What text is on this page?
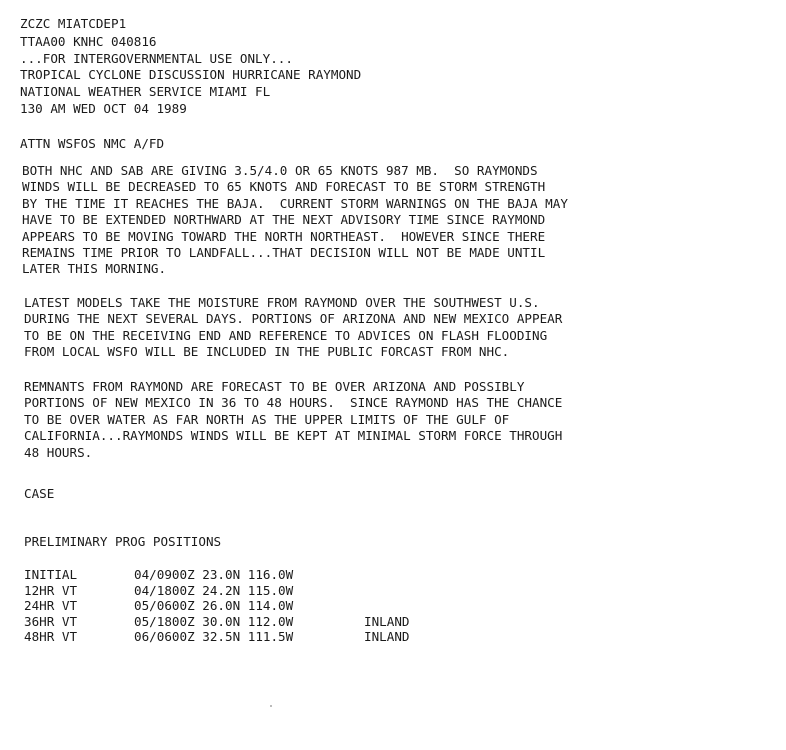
ZCZC MIATCDEP1
TTAA00 KNHC 040816
...FOR INTERGOVERNMENTAL USE ONLY...
TROPICAL CYCLONE DISCUSSION HURRICANE RAYMOND
NATIONAL WEATHER SERVICE MIAMI FL
130 AM WED OCT 04 1989
ATTN WSFOS NMC A/FD
BOTH NHC AND SAB ARE GIVING 3.5/4.0 OR 65 KNOTS 987 MB.  SO RAYMONDS
WINDS WILL BE DECREASED TO 65 KNOTS AND FORECAST TO BE STORM STRENGTH
BY THE TIME IT REACHES THE BAJA.  CURRENT STORM WARNINGS ON THE BAJA MAY
HAVE TO BE EXTENDED NORTHWARD AT THE NEXT ADVISORY TIME SINCE RAYMOND
APPEARS TO BE MOVING TOWARD THE NORTH NORTHEAST.  HOWEVER SINCE THERE
REMAINS TIME PRIOR TO LANDFALL...THAT DECISION WILL NOT BE MADE UNTIL
LATER THIS MORNING.
LATEST MODELS TAKE THE MOISTURE FROM RAYMOND OVER THE SOUTHWEST U.S.
DURING THE NEXT SEVERAL DAYS. PORTIONS OF ARIZONA AND NEW MEXICO APPEAR
TO BE ON THE RECEIVING END AND REFERENCE TO ADVICES ON FLASH FLOODING
FROM LOCAL WSFO WILL BE INCLUDED IN THE PUBLIC FORCAST FROM NHC.
REMNANTS FROM RAYMOND ARE FORECAST TO BE OVER ARIZONA AND POSSIBLY
PORTIONS OF NEW MEXICO IN 36 TO 48 HOURS.  SINCE RAYMOND HAS THE CHANCE
TO BE OVER WATER AS FAR NORTH AS THE UPPER LIMITS OF THE GULF OF
CALIFORNIA...RAYMONDS WINDS WILL BE KEPT AT MINIMAL STORM FORCE THROUGH
48 HOURS.
CASE
PRELIMINARY PROG POSITIONS
INITIAL	04/0900Z 23.0N 116.0W
12HR VT	04/1800Z 24.2N 115.0W
24HR VT	05/0600Z 26.0N 114.0W
36HR VT	05/1800Z 30.0N 112.0W	INLAND
48HR VT	06/0600Z 32.5N 111.5W	INLAND
